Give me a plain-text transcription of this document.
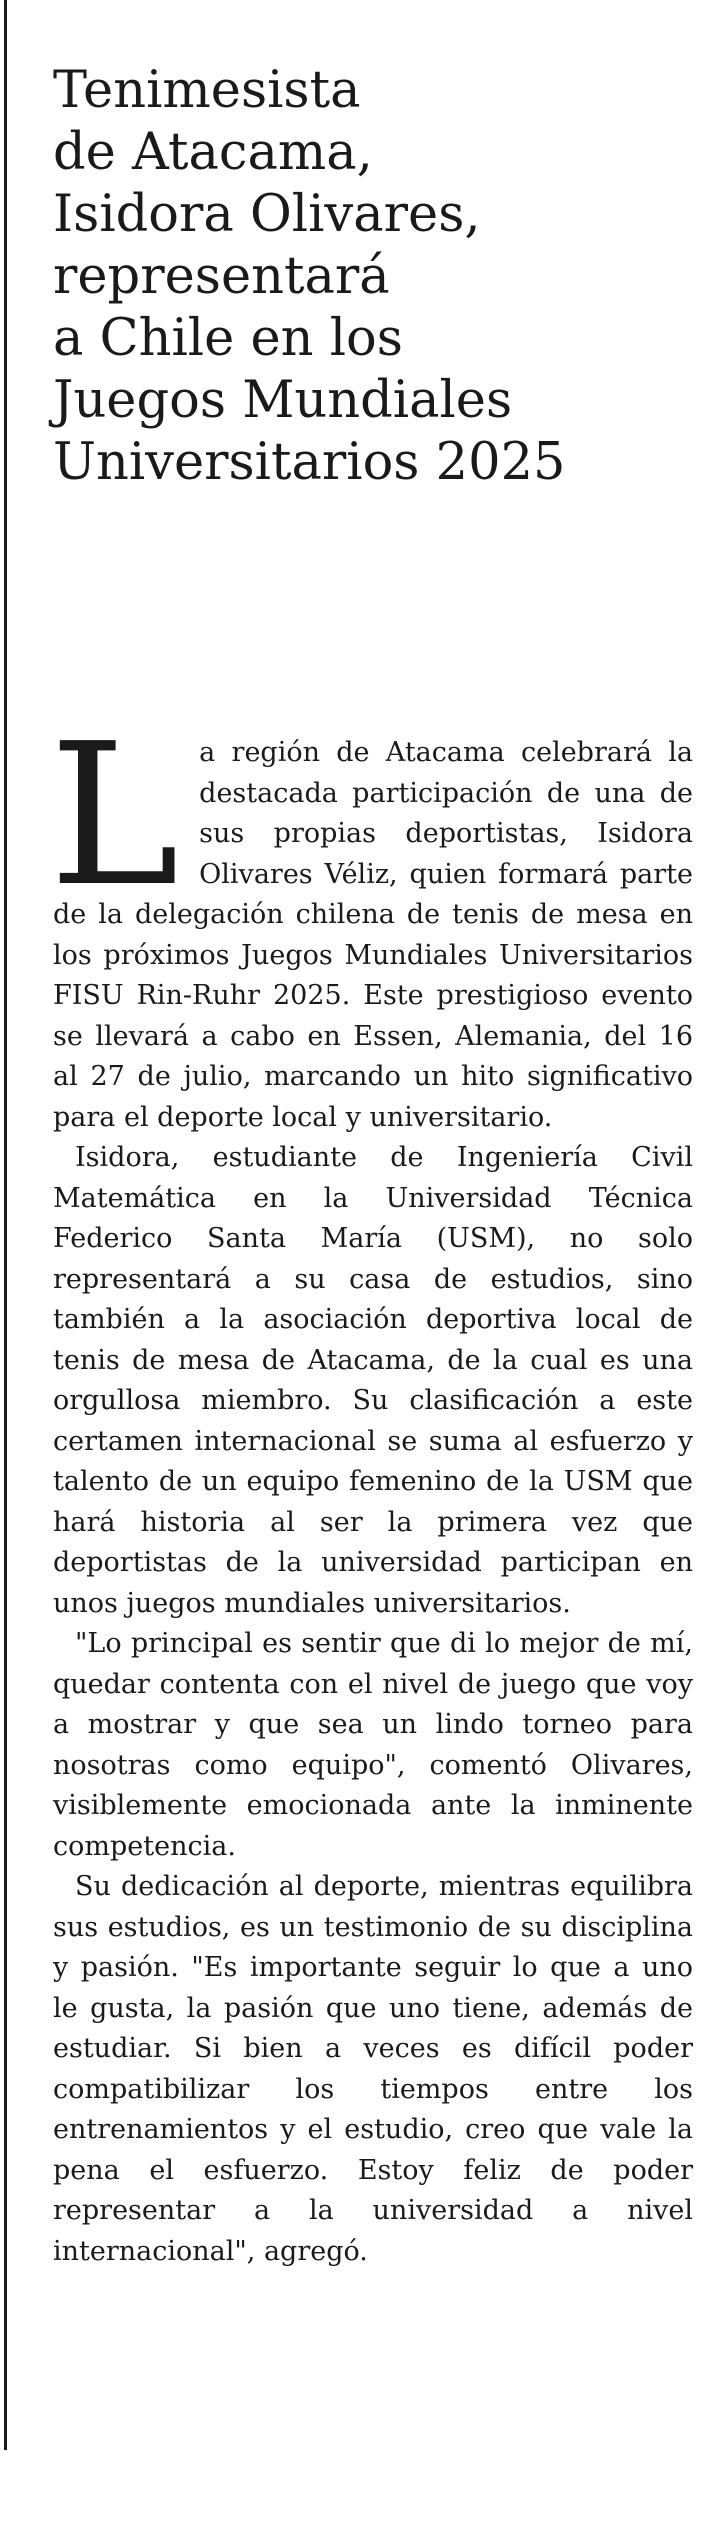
Tenimesista
de Atacama,
Isidora Olivares,
representará
a Chile en los
Juegos Mundiales
Universitarios 2025

La región de Atacama celebrará la destacada participación de una de sus propias deportistas, Isidora Olivares Véliz, quien formará parte de la delegación chilena de tenis de mesa en los próximos Juegos Mundiales Universitarios FISU Rin-Ruhr 2025. Este prestigioso evento se llevará a cabo en Essen, Alemania, del 16 al 27 de julio, marcando un hito significativo para el deporte local y universitario.

Isidora, estudiante de Ingeniería Civil Matemática en la Universidad Técnica Federico Santa María (USM), no solo representará a su casa de estudios, sino también a la asociación deportiva local de tenis de mesa de Atacama, de la cual es una orgullosa miembro. Su clasificación a este certamen internacional se suma al esfuerzo y talento de un equipo femenino de la USM que hará historia al ser la primera vez que deportistas de la universidad participan en unos juegos mundiales universitarios.

"Lo principal es sentir que di lo mejor de mí, quedar contenta con el nivel de juego que voy a mostrar y que sea un lindo torneo para nosotras como equipo", comentó Olivares, visiblemente emocionada ante la inminente competencia.

Su dedicación al deporte, mientras equilibra sus estudios, es un testimonio de su disciplina y pasión. "Es importante seguir lo que a uno le gusta, la pasión que uno tiene, además de estudiar. Si bien a veces es difícil poder compatibilizar los tiempos entre los entrenamientos y el estudio, creo que vale la pena el esfuerzo. Estoy feliz de poder representar a la universidad a nivel internacional", agregó.
